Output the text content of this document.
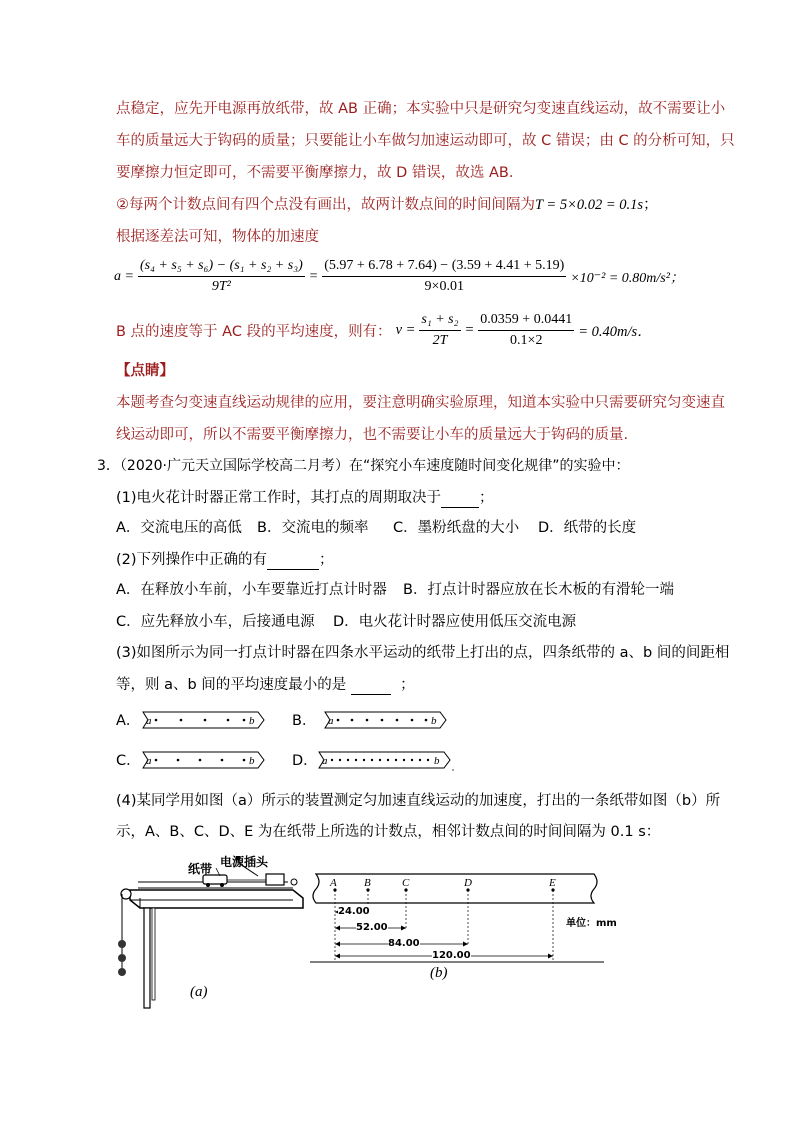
点稳定，应先开电源再放纸带，故 AB 正确；本实验中只是研究匀变速直线运动，故不需要让小
车的质量远大于钩码的质量；只要能让小车做匀加速运动即可，故 C 错误；由 C 的分析可知，只
要摩擦力恒定即可，不需要平衡摩擦力，故 D 错误，故选 AB．
②每两个计数点间有四个点没有画出，故两计数点间的时间间隔为T = 5×0.02 = 0.1s；
根据逐差法可知，物体的加速度
$a = \frac{\text{(s₄ + s₅ + s₆) − (s₁ + s₂ + s₃)}}{\text{9T²}} = \frac{(5.97 + 6.78 + 7.64) - (3.59 + 4.41 + 5.19)}{9\times 0.01} \times 10^{-2} = 0.80m/s^2$；
B 点的速度等于 AC 段的平均速度，则有： $v = \frac{\text{s₁ + s₂}}{2T} = \frac{0.0359 + 0.0441}{0.1\times 2} = 0.40m/s$．
【点睛】
本题考查匀变速直线运动规律的应用，要注意明确实验原理，知道本实验中只需要研究匀变速直
线运动即可，所以不需要平衡摩擦力，也不需要让小车的质量远大于钩码的质量.
3．（2020·广元天立国际学校高二月考）在“探究小车速度随时间变化规律”的实验中：
(1)电火花计时器正常工作时，其打点的周期取决于	；
A．交流电压的高低 B．交流电的频率 C．墨粉纸盘的大小 D．纸带的长度
(2)下列操作中正确的有	；
A．在释放小车前，小车要靠近打点计时器 B．打点计时器应放在长木板的有滑轮一端
C．应先释放小车，后接通电源 D．电火花计时器应使用低压交流电源
(3)如图所示为同一打点计时器在四条水平运动的纸带上打出的点，四条纸带的 a、b 间的间距相
等，则 a、b 间的平均速度最小的是	；
A． a	b	B． a	b
C． a	b	D． a	b
(4)某同学用如图（a）所示的装置测定匀加速直线运动的加速度，打出的一条纸带如图（b）所
示，A、B、C、D、E 为在纸带上所选的计数点，相邻计数点间的时间间隔为 0.1 s：
纸带 电源插头
(a)
A B	C	D	E
24.00
52.00
84.00
120.00
单位：mm
(b)
